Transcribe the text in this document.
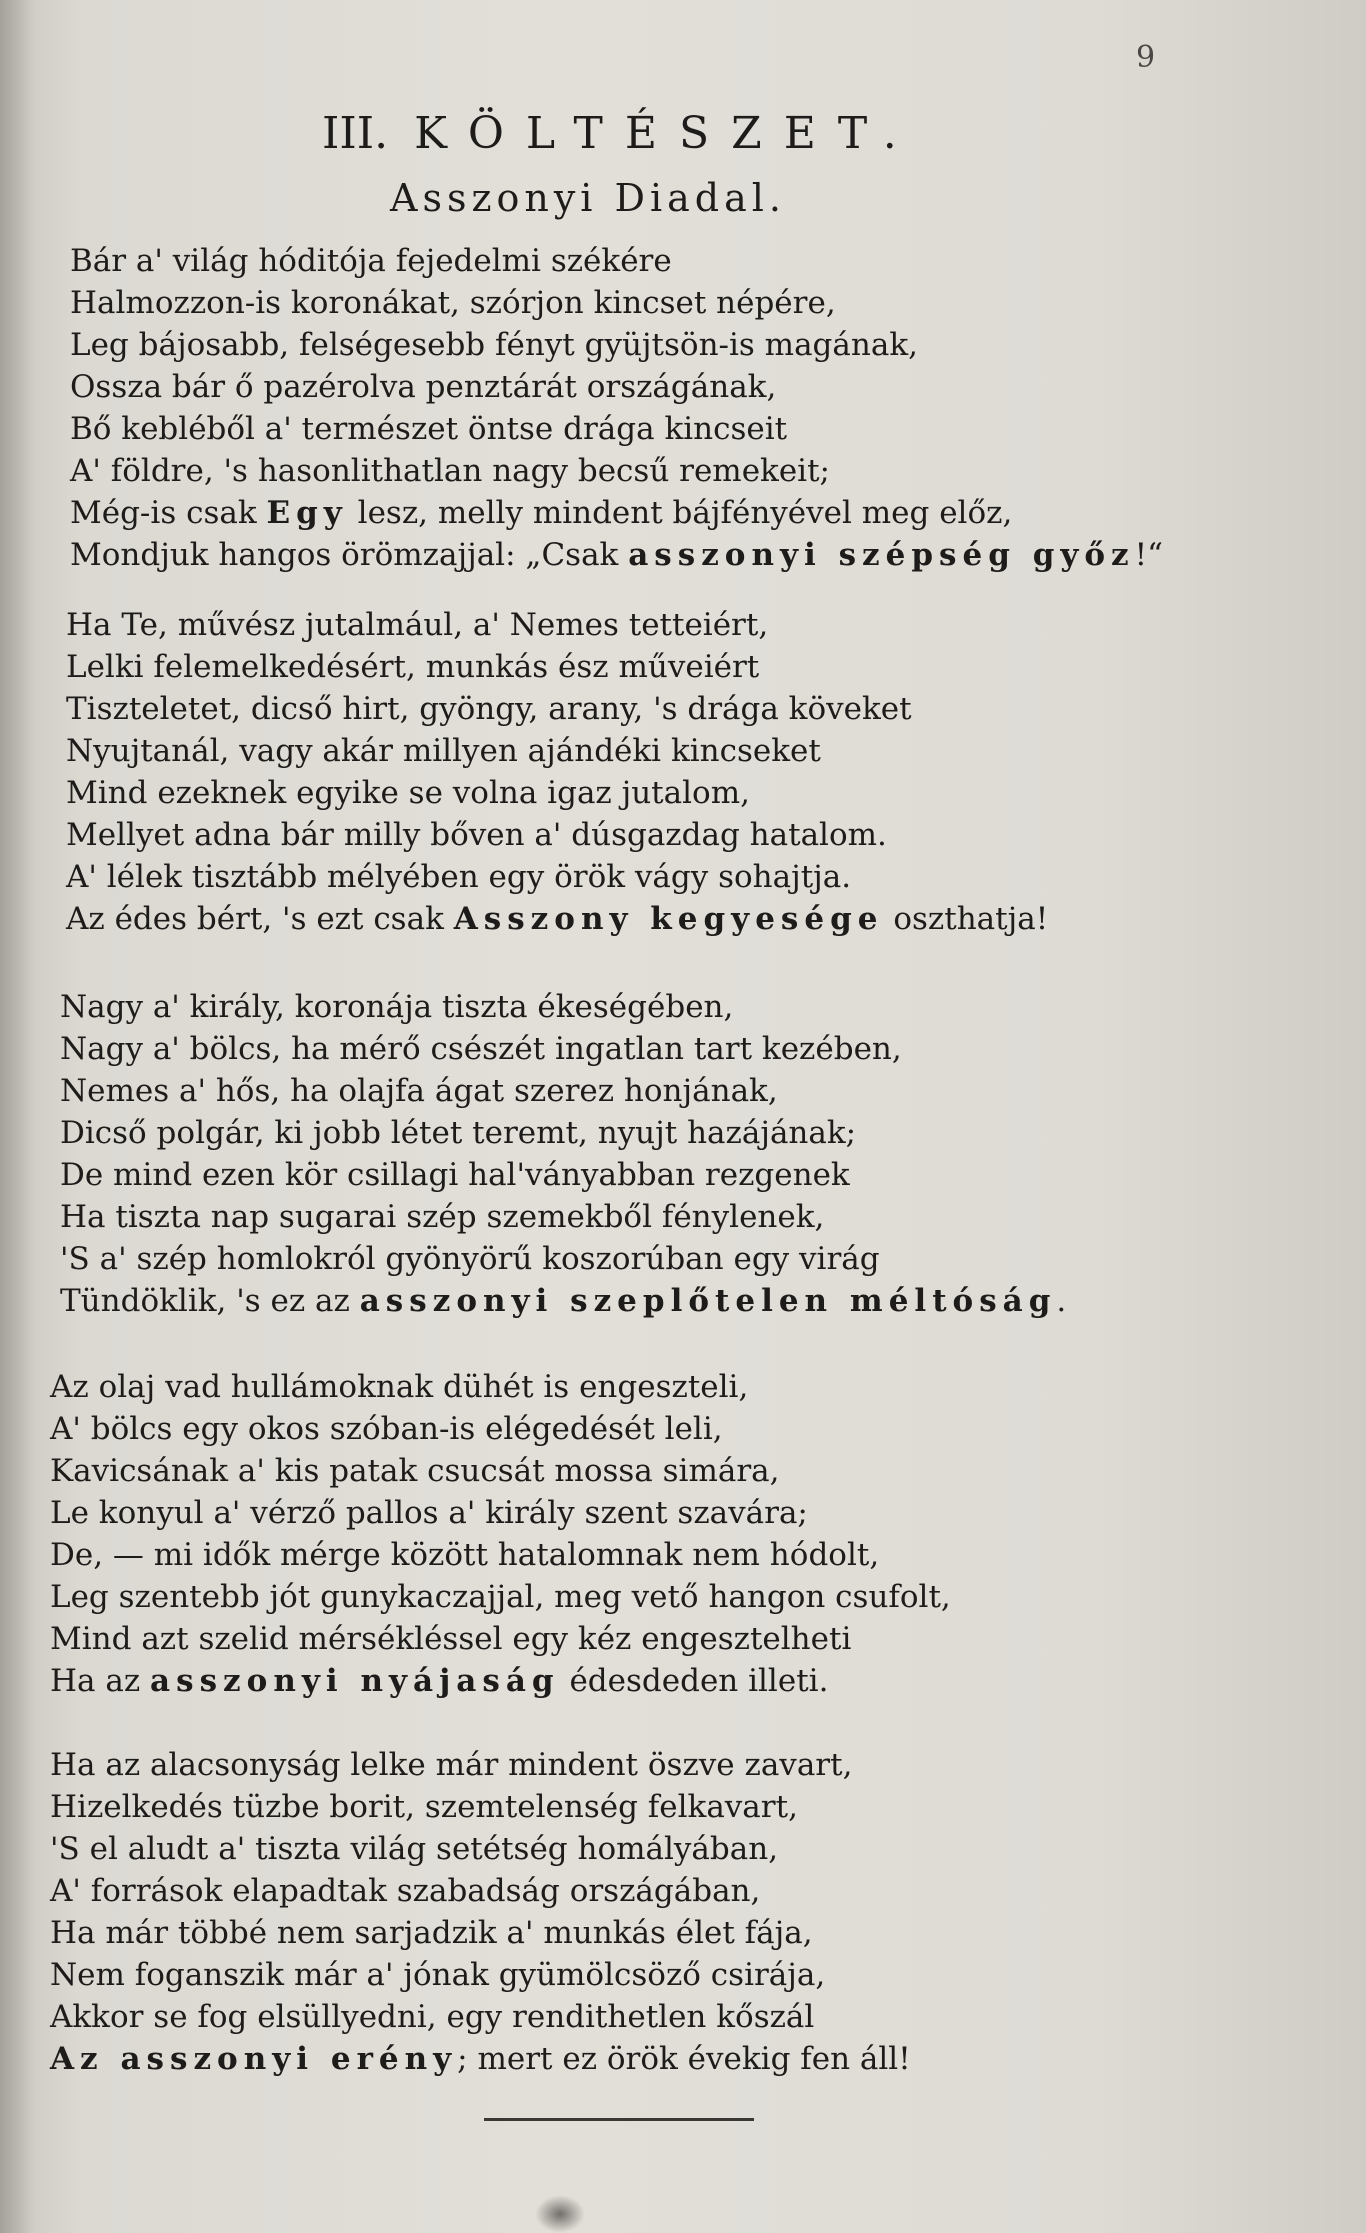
9
III. KÖLTÉSZET.
Asszonyi Diadal.
Bár a' világ hóditója fejedelmi székére
Halmozzon-is koronákat, szórjon kincset népére,
Leg bájosabb, felségesebb fényt gyüjtsön-is magának,
Ossza bár ő pazérolva penztárát országának,
Bő kebléből a' természet öntse drága kincseit
A' földre, 's hasonlithatlan nagy becsű remekeit;
Még-is csak Egy lesz, melly mindent bájfényével meg előz,
Mondjuk hangos örömzajjal: „Csak asszonyi szépség győz!“
Ha Te, művész jutalmául, a' Nemes tetteiért,
Lelki felemelkedésért, munkás ész műveiért
Tiszteletet, dicső hirt, gyöngy, arany, 's drága köveket
Nyujtanál, vagy akár millyen ajándéki kincseket
Mind ezeknek egyike se volna igaz jutalom,
Mellyet adna bár milly bőven a' dúsgazdag hatalom.
A' lélek tisztább mélyében egy örök vágy sohajtja.
Az édes bért, 's ezt csak Asszony kegyesége oszthatja!
Nagy a' király, koronája tiszta ékeségében,
Nagy a' bölcs, ha mérő csészét ingatlan tart kezében,
Nemes a' hős, ha olajfa ágat szerez honjának,
Dicső polgár, ki jobb létet teremt, nyujt hazájának;
De mind ezen kör csillagi hal'ványabban rezgenek
Ha tiszta nap sugarai szép szemekből fénylenek,
'S a' szép homlokról gyönyörű koszorúban egy virág
Tündöklik, 's ez az asszonyi szeplőtelen méltóság.
Az olaj vad hullámoknak dühét is engeszteli,
A' bölcs egy okos szóban-is elégedését leli,
Kavicsának a' kis patak csucsát mossa simára,
Le konyul a' vérző pallos a' király szent szavára;
De, — mi idők mérge között hatalomnak nem hódolt,
Leg szentebb jót gunykaczajjal, meg vető hangon csufolt,
Mind azt szelid mérsékléssel egy kéz engesztelheti
Ha az asszonyi nyájaság édesdeden illeti.
Ha az alacsonyság lelke már mindent öszve zavart,
Hizelkedés tüzbe borit, szemtelenség felkavart,
'S el aludt a' tiszta világ setétség homályában,
A' források elapadtak szabadság országában,
Ha már többé nem sarjadzik a' munkás élet fája,
Nem foganszik már a' jónak gyümölcsöző csirája,
Akkor se fog elsüllyedni, egy rendithetlen kőszál
Az asszonyi erény; mert ez örök évekig fen áll!
